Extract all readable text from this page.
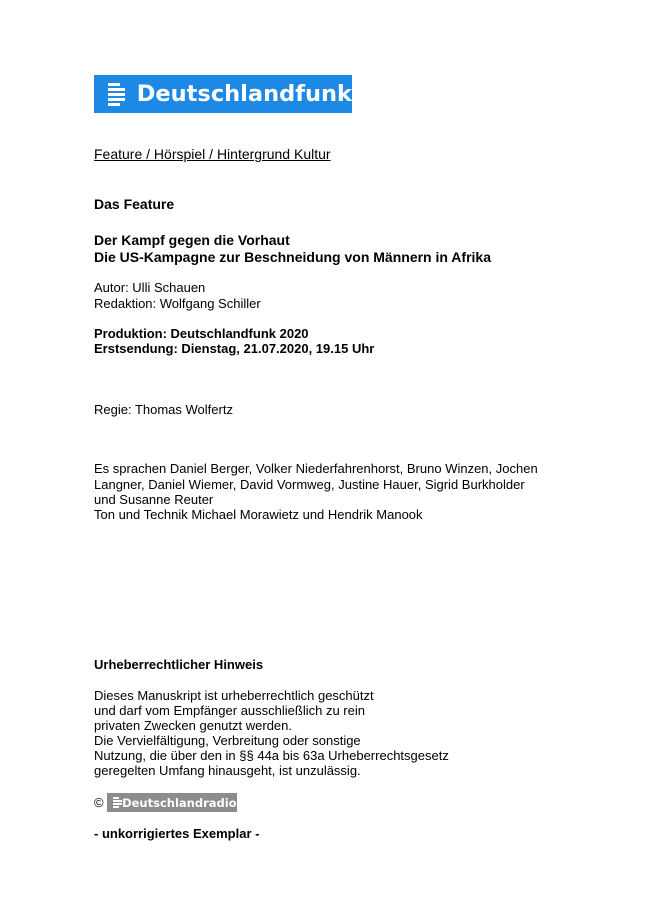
Deutschlandfunk
Feature / Hörspiel / Hintergrund Kultur
Das Feature
Der Kampf gegen die Vorhaut
Die US-Kampagne zur Beschneidung von Männern in Afrika
Autor: Ulli Schauen
Redaktion: Wolfgang Schiller
Produktion: Deutschlandfunk 2020
Erstsendung: Dienstag, 21.07.2020, 19.15 Uhr
Regie: Thomas Wolfertz
Es sprachen Daniel Berger, Volker Niederfahrenhorst, Bruno Winzen, Jochen
Langner, Daniel Wiemer, David Vormweg, Justine Hauer, Sigrid Burkholder
und Susanne Reuter
Ton und Technik Michael Morawietz und Hendrik Manook
Urheberrechtlicher Hinweis
Dieses Manuskript ist urheberrechtlich geschützt
und darf vom Empfänger ausschließlich zu rein
privaten Zwecken genutzt werden.
Die Vervielfältigung, Verbreitung oder sonstige
Nutzung, die über den in §§ 44a bis 63a Urheberrechtsgesetz
geregelten Umfang hinausgeht, ist unzulässig.
© Deutschlandradio
- unkorrigiertes Exemplar -
